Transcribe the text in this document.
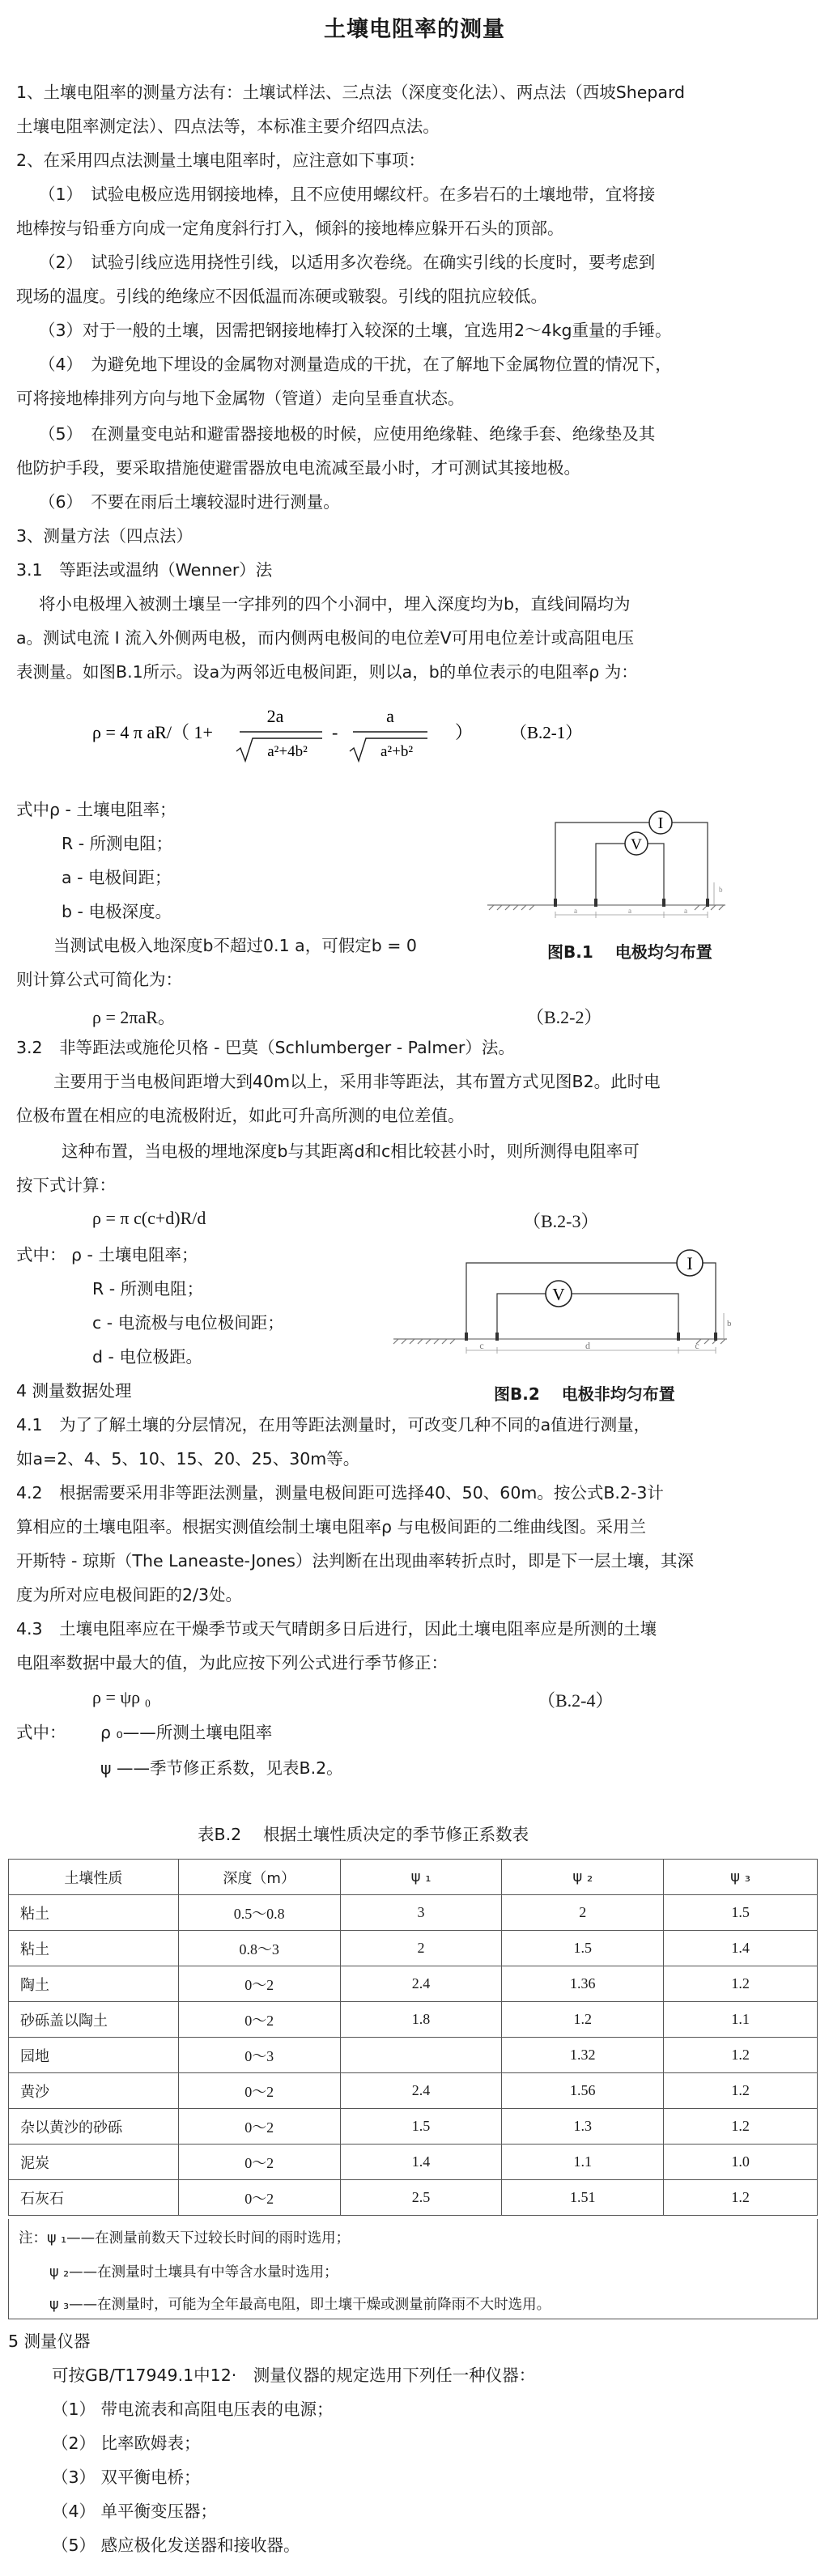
土壤电阻率的测量
1、土壤电阻率的测量方法有：土壤试样法、三点法（深度变化法）、两点法（西坡Shepard
土壤电阻率测定法）、四点法等，本标准主要介绍四点法。
2、在采用四点法测量土壤电阻率时，应注意如下事项：
（1）　试验电极应选用钢接地棒，且不应使用螺纹杆。在多岩石的土壤地带，宜将接
地棒按与铅垂方向成一定角度斜行打入，倾斜的接地棒应躲开石头的顶部。
（2）　试验引线应选用挠性引线，以适用多次卷绕。在确实引线的长度时，要考虑到
现场的温度。引线的绝缘应不因低温而冻硬或皲裂。引线的阻抗应较低。
（3）对于一般的土壤，因需把钢接地棒打入较深的土壤，宜选用2～4kg重量的手锤。
（4）　为避免地下埋设的金属物对测量造成的干扰，在了解地下金属物位置的情况下，
可将接地棒排列方向与地下金属物（管道）走向呈垂直状态。
（5）　在测量变电站和避雷器接地极的时候，应使用绝缘鞋、绝缘手套、绝缘垫及其
他防护手段，要采取措施使避雷器放电电流减至最小时，才可测试其接地极。
（6）　不要在雨后土壤较湿时进行测量。
3、测量方法（四点法）
3.1　等距法或温纳（Wenner）法
将小电极埋入被测土壤呈一字排列的四个小洞中，埋入深度均为b，直线间隔均为
a。测试电流 I 流入外侧两电极，而内侧两电极间的电位差V可用电位差计或高阻电压
表测量。如图B.1所示。设a为两邻近电极间距，则以a，b的单位表示的电阻率ρ 为：
式中ρ - 土壤电阻率；
R - 所测电阻；
a - 电极间距；
b - 电极深度。
当测试电极入地深度b不超过0.1 a，可假定b = 0
则计算公式可简化为：
3.2　非等距法或施伦贝格 - 巴莫（Schlumberger - Palmer）法。
主要用于当电极间距增大到40m以上，采用非等距法，其布置方式见图B2。此时电
位极布置在相应的电流极附近，如此可升高所测的电位差值。
这种布置，当电极的埋地深度b与其距离d和c相比较甚小时，则所测得电阻率可
按下式计算：
式中： ρ - 土壤电阻率；
R - 所测电阻；
c - 电流极与电位极间距；
d - 电位极距。
4 测量数据处理
4.1　为了了解土壤的分层情况，在用等距法测量时，可改变几种不同的a值进行测量，
如a=2、4、5、10、15、20、25、30m等。
4.2　根据需要采用非等距法测量，测量电极间距可选择40、50、60m。按公式B.2-3计
算相应的土壤电阻率。根据实测值绘制土壤电阻率ρ 与电极间距的二维曲线图。采用兰
开斯特 - 琼斯（The Laneaste-Jones）法判断在出现曲率转折点时，即是下一层土壤，其深
度为所对应电极间距的2/3处。
4.3　土壤电阻率应在干燥季节或天气晴朗多日后进行，因此土壤电阻率应是所测的土壤
电阻率数据中最大的值，为此应按下列公式进行季节修正：
式中： ρ ₀——所测土壤电阻率
ψ ——季节修正系数，见表B.2。
5 测量仪器
可按GB/T17949.1中12·　测量仪器的规定选用下列任一种仪器：
（1） 带电流表和高阻电压表的电源；
（2） 比率欧姆表；
（3） 双平衡电桥；
（4） 单平衡变压器；
（5） 感应极化发送器和接收器。
ρ = 2πaR。	（B.2-2）
ρ = π c(c+d)R/d	（B.2-3）
ρ = ψρ ₀	（B.2-4）
ρ = 4 π aR/（ 1+
2a
a²+4b²
-
a
a²+b²
） （B.2-1）
I
V
a	a	a
b
图B.1　 电极均匀布置
I
V
c	d	c
b
图B.2　 电极非均匀布置
表B.2　 根据土壤性质决定的季节修正系数表
土壤性质	深度（m）	ψ ₁	ψ ₂	ψ ₃
粘土	0.5～0.8	3	2	1.5
粘土	0.8～3	2	1.5	1.4
陶土	0～2	2.4	1.36	1.2
砂砾盖以陶土	0～2	1.8	1.2	1.1
园地	0～3		1.32	1.2
黄沙	0～2	2.4	1.56	1.2
杂以黄沙的砂砾	0～2	1.5	1.3	1.2
泥炭	0～2	1.4	1.1	1.0
石灰石	0～2	2.5	1.51	1.2
注：ψ ₁——在测量前数天下过较长时间的雨时选用；
ψ ₂——在测量时土壤具有中等含水量时选用；
ψ ₃——在测量时，可能为全年最高电阻，即土壤干燥或测量前降雨不大时选用。
